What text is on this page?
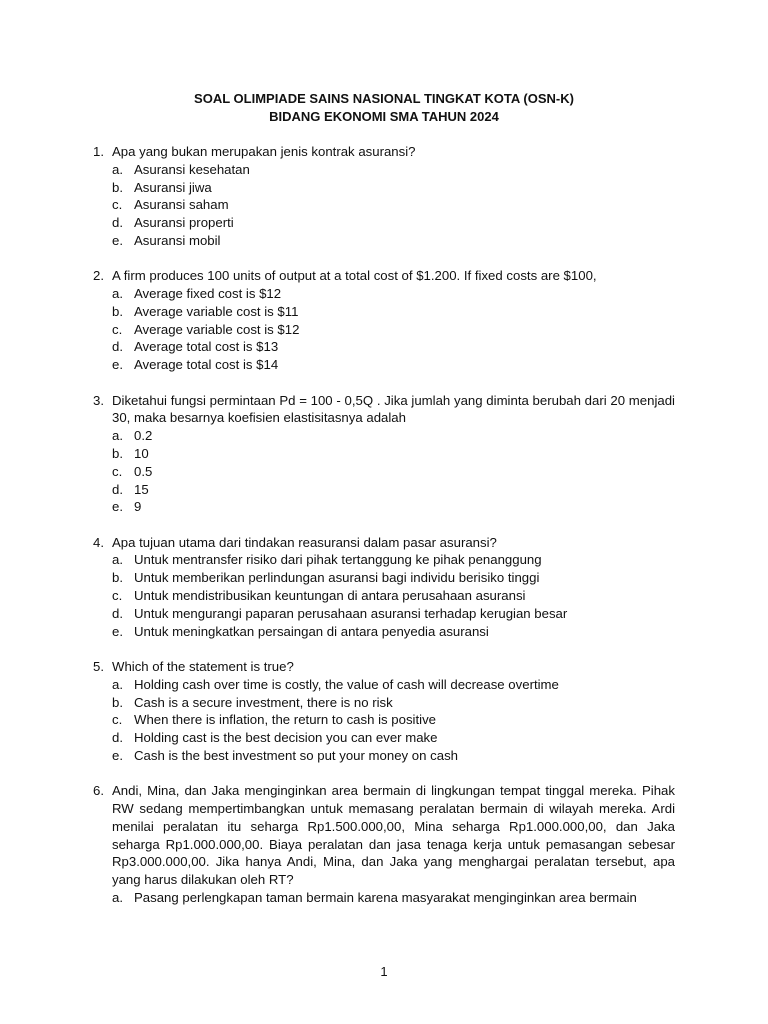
SOAL OLIMPIADE SAINS NASIONAL TINGKAT KOTA (OSN-K)
BIDANG EKONOMI SMA TAHUN 2024
1. Apa yang bukan merupakan jenis kontrak asuransi?
a. Asuransi kesehatan
b. Asuransi jiwa
c. Asuransi saham
d. Asuransi properti
e. Asuransi mobil
2. A firm produces 100 units of output at a total cost of $1.200. If fixed costs are $100,
a. Average fixed cost is $12
b. Average variable cost is $11
c. Average variable cost is $12
d. Average total cost is $13
e. Average total cost is $14
3. Diketahui fungsi permintaan Pd = 100 - 0,5Q . Jika jumlah yang diminta berubah dari 20 menjadi 30, maka besarnya koefisien elastisitasnya adalah
a. 0.2
b. 10
c. 0.5
d. 15
e. 9
4. Apa tujuan utama dari tindakan reasuransi dalam pasar asuransi?
a. Untuk mentransfer risiko dari pihak tertanggung ke pihak penanggung
b. Untuk memberikan perlindungan asuransi bagi individu berisiko tinggi
c. Untuk mendistribusikan keuntungan di antara perusahaan asuransi
d. Untuk mengurangi paparan perusahaan asuransi terhadap kerugian besar
e. Untuk meningkatkan persaingan di antara penyedia asuransi
5. Which of the statement is true?
a. Holding cash over time is costly, the value of cash will decrease overtime
b. Cash is a secure investment, there is no risk
c. When there is inflation, the return to cash is positive
d. Holding cast is the best decision you can ever make
e. Cash is the best investment so put your money on cash
6. Andi, Mina, dan Jaka menginginkan area bermain di lingkungan tempat tinggal mereka. Pihak RW sedang mempertimbangkan untuk memasang peralatan bermain di wilayah mereka. Ardi menilai peralatan itu seharga Rp1.500.000,00, Mina seharga Rp1.000.000,00, dan Jaka seharga Rp1.000.000,00. Biaya peralatan dan jasa tenaga kerja untuk pemasangan sebesar Rp3.000.000,00. Jika hanya Andi, Mina, dan Jaka yang menghargai peralatan tersebut, apa yang harus dilakukan oleh RT?
a. Pasang perlengkapan taman bermain karena masyarakat menginginkan area bermain
1
